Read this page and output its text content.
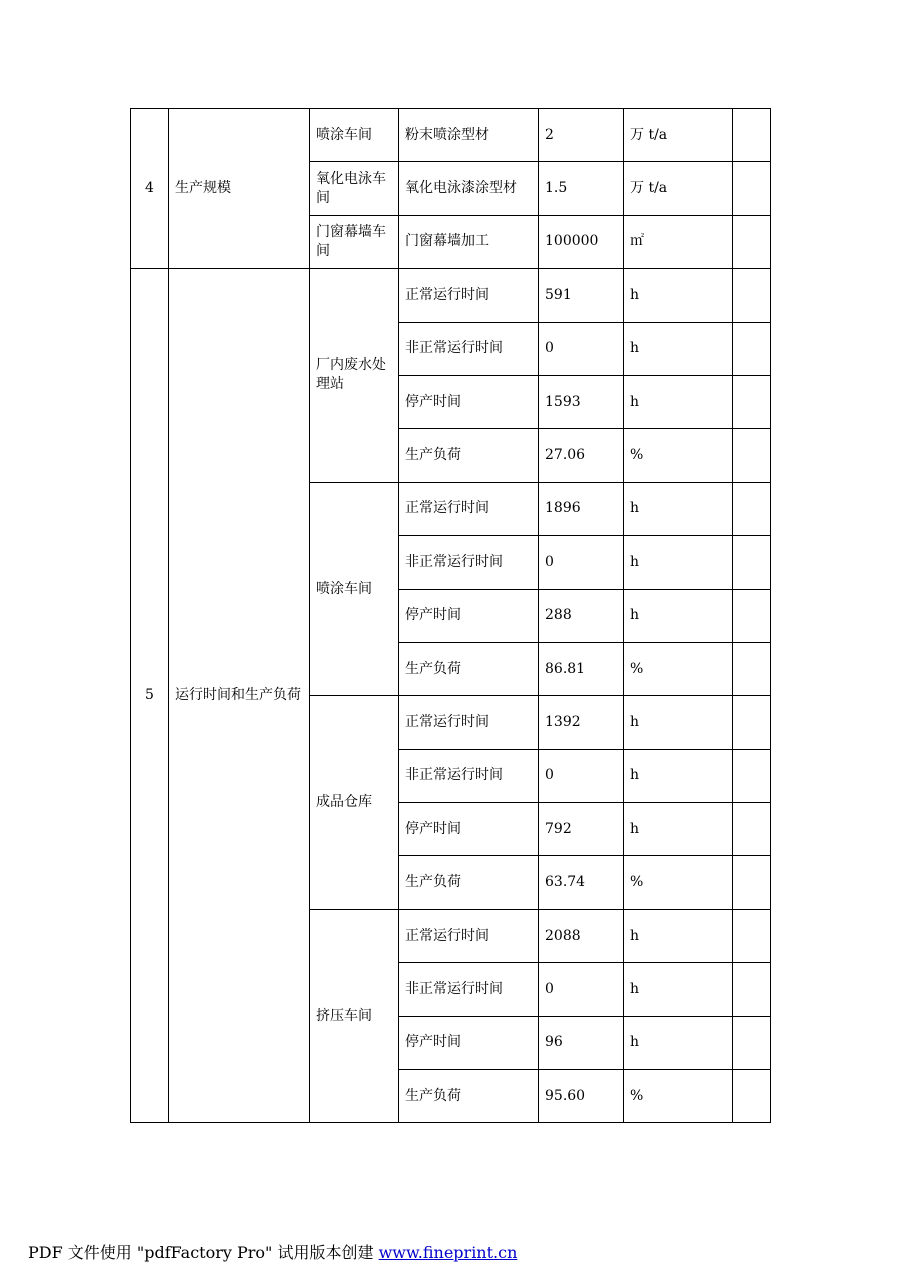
4	生产规模	喷涂车间	粉末喷涂型材	2	万 t/a	
		氧化电泳车间	氧化电泳漆涂型材	1.5	万 t/a	
		门窗幕墙车间	门窗幕墙加工	100000	㎡	
5	运行时间和生产负荷	厂内废水处理站	正常运行时间	591	h	
			非正常运行时间	0	h	
			停产时间	1593	h	
			生产负荷	27.06	%	
		喷涂车间	正常运行时间	1896	h	
			非正常运行时间	0	h	
			停产时间	288	h	
			生产负荷	86.81	%	
		成品仓库	正常运行时间	1392	h	
			非正常运行时间	0	h	
			停产时间	792	h	
			生产负荷	63.74	%	
		挤压车间	正常运行时间	2088	h	
			非正常运行时间	0	h	
			停产时间	96	h	
			生产负荷	95.60	%	
PDF 文件使用 "pdfFactory Pro" 试用版本创建 www.fineprint.cn
